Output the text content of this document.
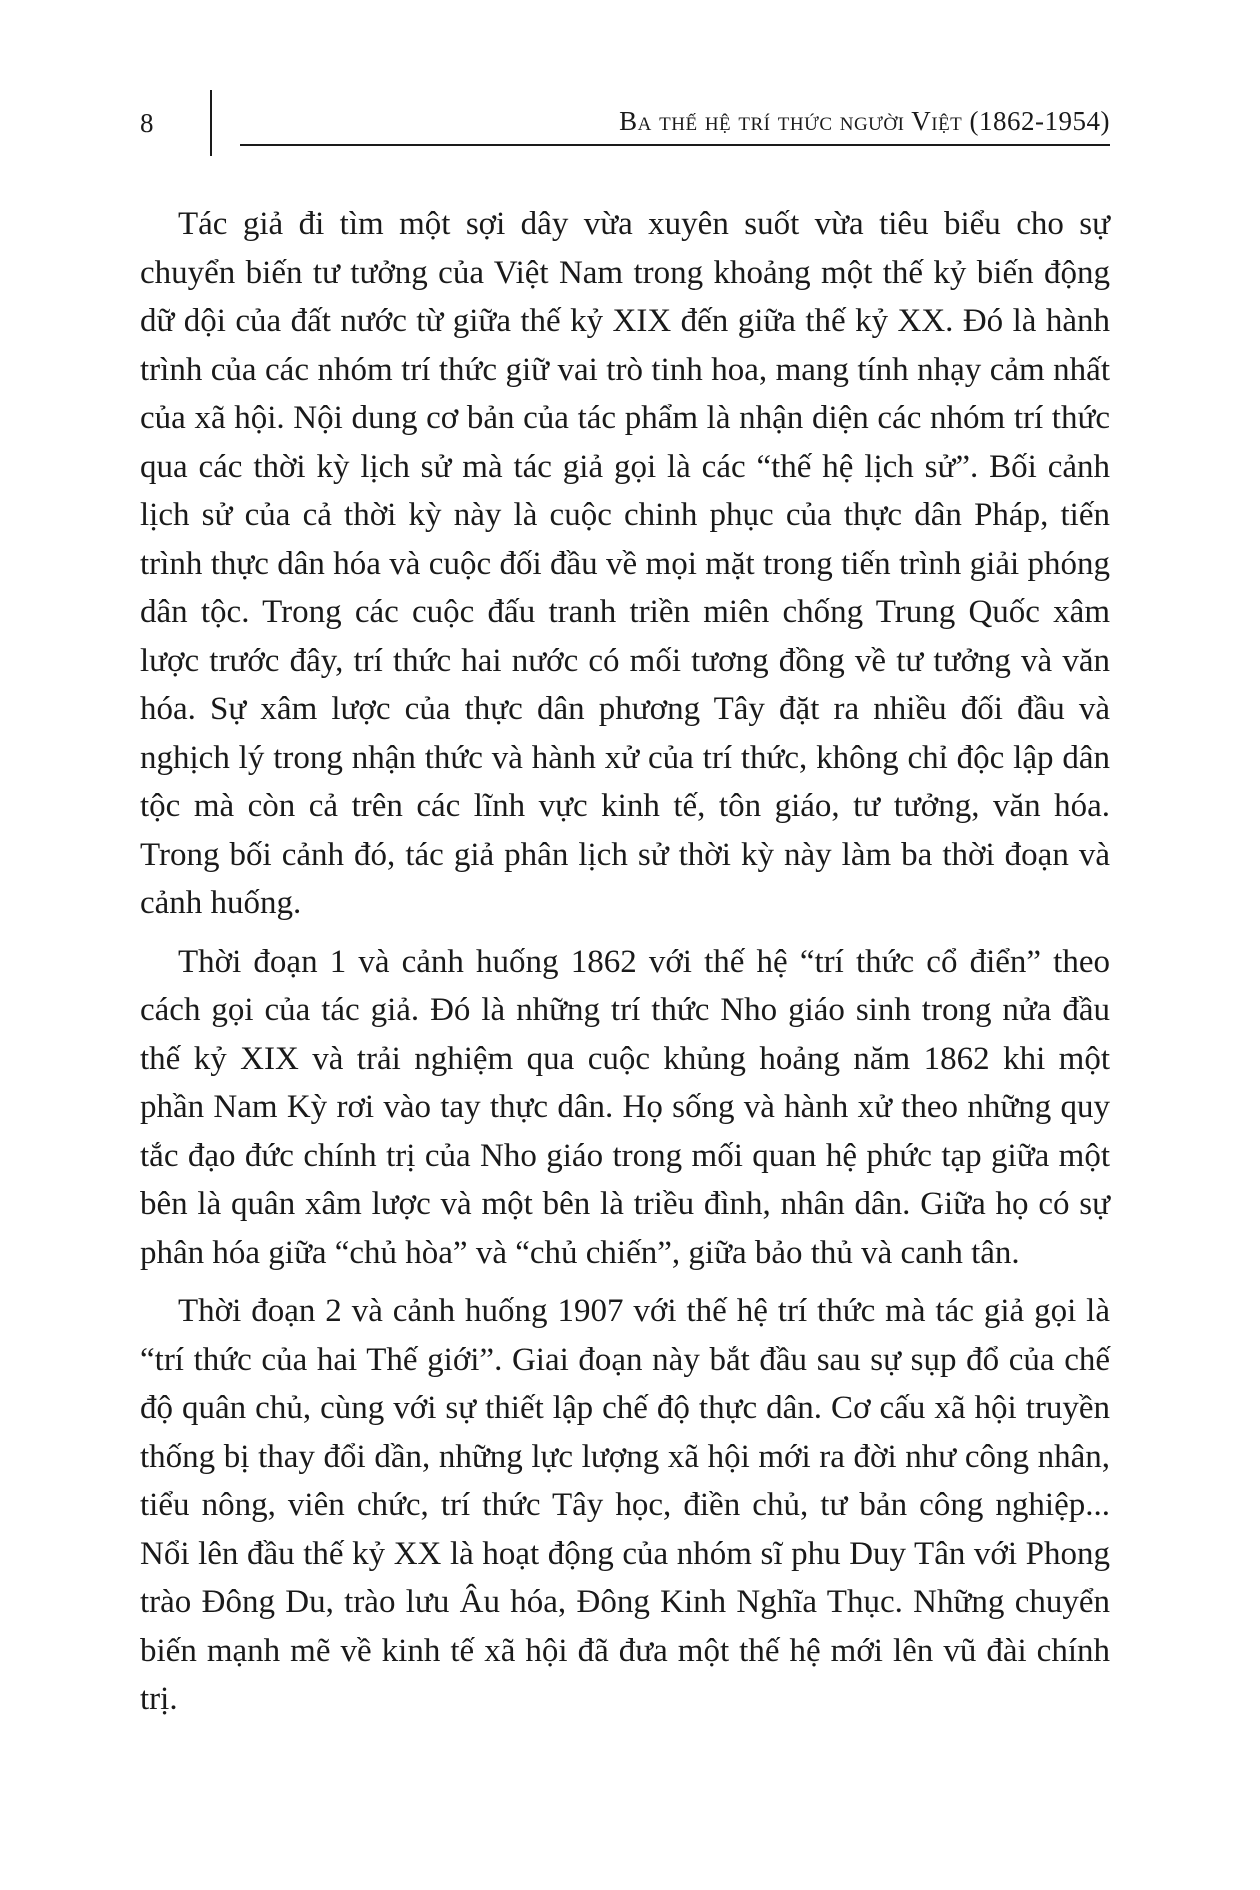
8	Ba thế hệ trí thức người Việt (1862-1954)

Tác giả đi tìm một sợi dây vừa xuyên suốt vừa tiêu biểu cho sự chuyển biến tư tưởng của Việt Nam trong khoảng một thế kỷ biến động dữ dội của đất nước từ giữa thế kỷ XIX đến giữa thế kỷ XX. Đó là hành trình của các nhóm trí thức giữ vai trò tinh hoa, mang tính nhạy cảm nhất của xã hội. Nội dung cơ bản của tác phẩm là nhận diện các nhóm trí thức qua các thời kỳ lịch sử mà tác giả gọi là các “thế hệ lịch sử”. Bối cảnh lịch sử của cả thời kỳ này là cuộc chinh phục của thực dân Pháp, tiến trình thực dân hóa và cuộc đối đầu về mọi mặt trong tiến trình giải phóng dân tộc. Trong các cuộc đấu tranh triền miên chống Trung Quốc xâm lược trước đây, trí thức hai nước có mối tương đồng về tư tưởng và văn hóa. Sự xâm lược của thực dân phương Tây đặt ra nhiều đối đầu và nghịch lý trong nhận thức và hành xử của trí thức, không chỉ độc lập dân tộc mà còn cả trên các lĩnh vực kinh tế, tôn giáo, tư tưởng, văn hóa. Trong bối cảnh đó, tác giả phân lịch sử thời kỳ này làm ba thời đoạn và cảnh huống.

Thời đoạn 1 và cảnh huống 1862 với thế hệ “trí thức cổ điển” theo cách gọi của tác giả. Đó là những trí thức Nho giáo sinh trong nửa đầu thế kỷ XIX và trải nghiệm qua cuộc khủng hoảng năm 1862 khi một phần Nam Kỳ rơi vào tay thực dân. Họ sống và hành xử theo những quy tắc đạo đức chính trị của Nho giáo trong mối quan hệ phức tạp giữa một bên là quân xâm lược và một bên là triều đình, nhân dân. Giữa họ có sự phân hóa giữa “chủ hòa” và “chủ chiến”, giữa bảo thủ và canh tân.

Thời đoạn 2 và cảnh huống 1907 với thế hệ trí thức mà tác giả gọi là “trí thức của hai Thế giới”. Giai đoạn này bắt đầu sau sự sụp đổ của chế độ quân chủ, cùng với sự thiết lập chế độ thực dân. Cơ cấu xã hội truyền thống bị thay đổi dần, những lực lượng xã hội mới ra đời như công nhân, tiểu nông, viên chức, trí thức Tây học, điền chủ, tư bản công nghiệp... Nổi lên đầu thế kỷ XX là hoạt động của nhóm sĩ phu Duy Tân với Phong trào Đông Du, trào lưu Âu hóa, Đông Kinh Nghĩa Thục. Những chuyển biến mạnh mẽ về kinh tế xã hội đã đưa một thế hệ mới lên vũ đài chính trị.
